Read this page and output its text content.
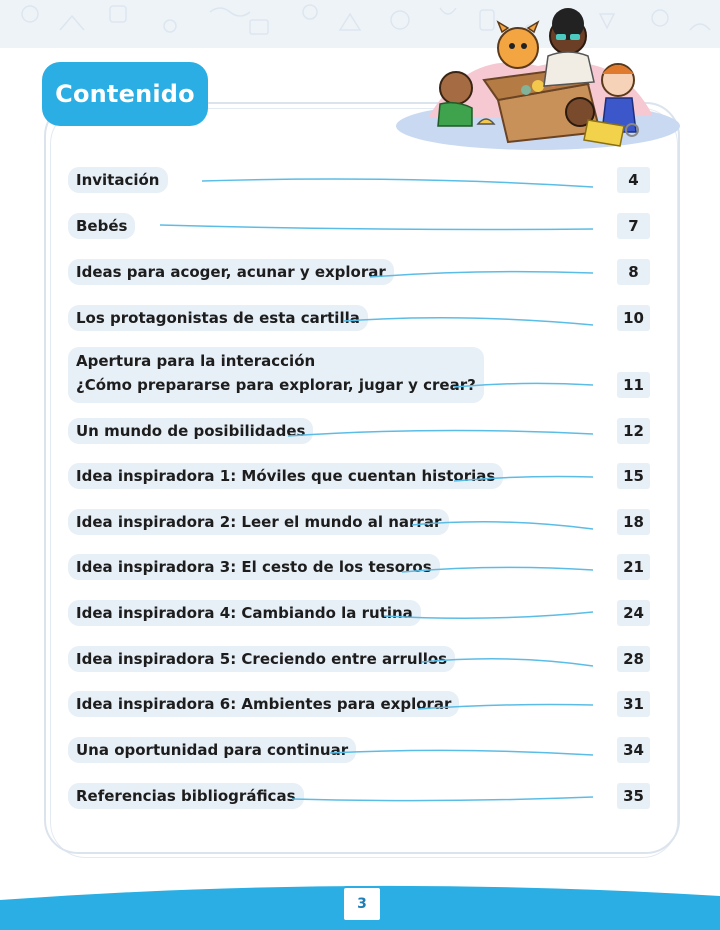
Contenido
Invitación	4
Bebés	7
Ideas para acoger, acunar y explorar	8
Los protagonistas de esta cartilla	10
Apertura para la interacción
¿Cómo prepararse para explorar, jugar y crear?	11
Un mundo de posibilidades	12
Idea inspiradora 1: Móviles que cuentan historias	15
Idea inspiradora 2: Leer el mundo al narrar	18
Idea inspiradora 3: El cesto de los tesoros	21
Idea inspiradora 4: Cambiando la rutina	24
Idea inspiradora 5: Creciendo entre arrullos	28
Idea inspiradora 6: Ambientes para explorar	31
Una oportunidad para continuar	34
Referencias bibliográficas	35
3
